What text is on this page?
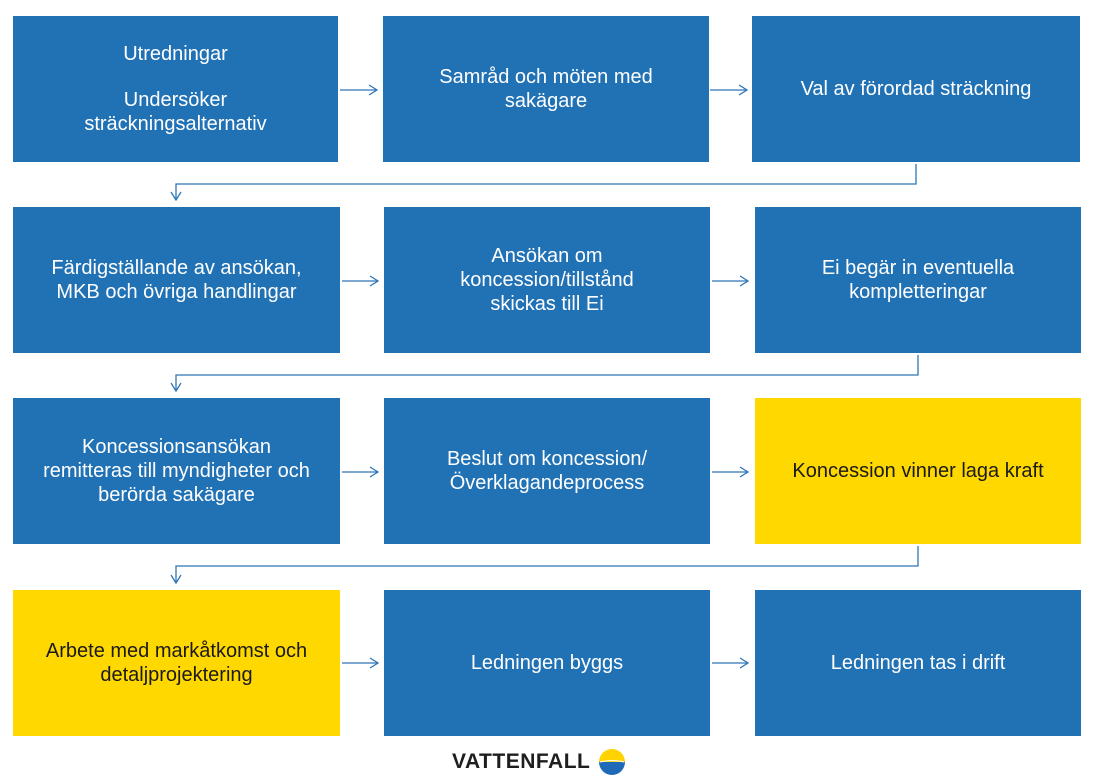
Utredningar
Undersöker
sträckningsalternativ
Samråd och möten med
sakägare
Val av förordad sträckning
Färdigställande av ansökan,
MKB och övriga handlingar
Ansökan om
koncession/tillstånd
skickas till Ei
Ei begär in eventuella
kompletteringar
Koncessionsansökan
remitteras till myndigheter och
berörda sakägare
Beslut om koncession/
Överklagandeprocess
Koncession vinner laga kraft
Arbete med markåtkomst och
detaljprojektering
Ledningen byggs	Ledningen tas i drift
VATTENFALL
